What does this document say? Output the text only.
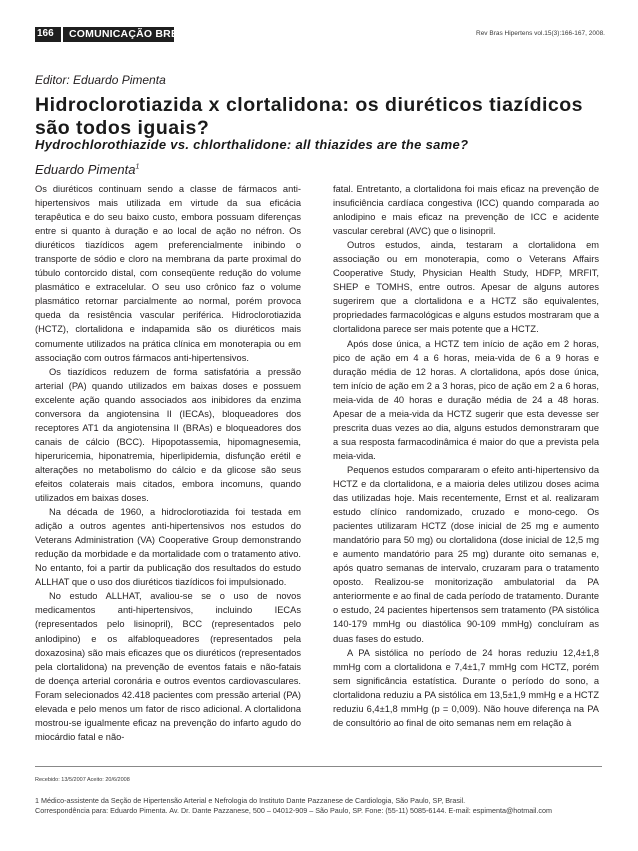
166 COMUNICAÇÃO BREVE	Rev Bras Hipertens vol.15(3):166-167, 2008.
Editor: Eduardo Pimenta
Hidroclorotiazida x clortalidona: os diuréticos tiazídicos são todos iguais?
Hydrochlorothiazide vs. chlorthalidone: all thiazides are the same?
Eduardo Pimenta$^1$

Os diuréticos continuam sendo a classe de fármacos anti-hipertensivos mais utilizada em virtude da sua eficácia terapêutica e do seu baixo custo, embora possuam diferenças entre si quanto à duração e ao local de ação no néfron. Os diuréticos tiazídicos agem preferencialmente inibindo o transporte de sódio e cloro na membrana da parte proximal do túbulo contorcido distal, com conseqüente redução do volume plasmático e extracelular. O seu uso crônico faz o volume plasmático retornar parcialmente ao normal, porém provoca queda da resistência vascular periférica. Hidroclorotiazida (HCTZ), clortalidona e indapamida são os diuréticos mais comumente utilizados na prática clínica em monoterapia ou em associação com outros fármacos anti-hipertensivos.

Os tiazídicos reduzem de forma satisfatória a pressão arterial (PA) quando utilizados em baixas doses e possuem excelente ação quando associados aos inibidores da enzima conversora da angiotensina II (IECAs), bloqueadores dos receptores AT1 da angiotensina II (BRAs) e bloqueadores dos canais de cálcio (BCC). Hipopotassemia, hipomagnesemia, hiperuricemia, hiponatremia, hiperlipidemia, disfunção erétil e alterações no metabolismo do cálcio e da glicose são seus efeitos colaterais mais citados, embora incomuns, quando utilizados em baixas doses.

Na década de 1960, a hidroclorotiazida foi testada em adição a outros agentes anti-hipertensivos nos estudos do Veterans Administration (VA) Cooperative Group demonstrando redução da morbidade e da mortalidade com o tratamento ativo. No entanto, foi a partir da publicação dos resultados do estudo ALLHAT que o uso dos diuréticos tiazídicos foi impulsionado.

No estudo ALLHAT, avaliou-se se o uso de novos medicamentos anti-hipertensivos, incluindo IECAs (representados pelo lisinopril), BCC (representados pelo anlodipino) e os alfabloqueadores (representados pela doxazosina) são mais eficazes que os diuréticos (representados pela clortalidona) na prevenção de eventos fatais e não-fatais de doença arterial coronária e outros eventos cardiovasculares. Foram selecionados 42.418 pacientes com pressão arterial (PA) elevada e pelo menos um fator de risco adicional. A clortalidona mostrou-se igualmente eficaz na prevenção do infarto agudo do miocárdio fatal e não-

fatal. Entretanto, a clortalidona foi mais eficaz na prevenção de insuficiência cardíaca congestiva (ICC) quando comparada ao anlodipino e mais eficaz na prevenção de ICC e acidente vascular cerebral (AVC) que o lisinopril.

Outros estudos, ainda, testaram a clortalidona em associação ou em monoterapia, como o Veterans Affairs Cooperative Study, Physician Health Study, HDFP, MRFIT, SHEP e TOMHS, entre outros. Apesar de alguns autores sugerirem que a clortalidona e a HCTZ são equivalentes, propriedades farmacológicas e alguns estudos mostraram que a clortalidona parece ser mais potente que a HCTZ.

Após dose única, a HCTZ tem início de ação em 2 horas, pico de ação em 4 a 6 horas, meia-vida de 6 a 9 horas e duração média de 12 horas. A clortalidona, após dose única, tem início de ação em 2 a 3 horas, pico de ação em 2 a 6 horas, meia-vida de 40 horas e duração média de 24 a 48 horas. Apesar de a meia-vida da HCTZ sugerir que esta devesse ser prescrita duas vezes ao dia, alguns estudos demonstraram que a sua resposta farmacodinâmica é maior do que a prevista pela meia-vida.

Pequenos estudos compararam o efeito anti-hipertensivo da HCTZ e da clortalidona, e a maioria deles utilizou doses acima das utilizadas hoje. Mais recentemente, Ernst et al. realizaram estudo clínico randomizado, cruzado e mono-cego. Os pacientes utilizaram HCTZ (dose inicial de 25 mg e aumento mandatório para 50 mg) ou clortalidona (dose inicial de 12,5 mg e aumento mandatório para 25 mg) durante oito semanas e, após quatro semanas de intervalo, cruzaram para o tratamento oposto. Realizou-se monitorização ambulatorial da PA anteriormente e ao final de cada período de tratamento. Durante o estudo, 24 pacientes hipertensos sem tratamento (PA sistólica 140-179 mmHg ou diastólica 90-109 mmHg) concluíram as duas fases do estudo.

A PA sistólica no período de 24 horas reduziu 12,4±1,8 mmHg com a clortalidona e 7,4±1,7 mmHg com HCTZ, porém sem significância estatística. Durante o período do sono, a clortalidona reduziu a PA sistólica em 13,5±1,9 mmHg e a HCTZ reduziu 6,4±1,8 mmHg (p = 0,009). Não houve diferença na PA de consultório ao final de oito semanas nem em relação à

Recebido: 13/5/2007 Aceito: 20/6/2008
1 Médico-assistente da Seção de Hipertensão Arterial e Nefrologia do Instituto Dante Pazzanese de Cardiologia, São Paulo, SP, Brasil.
Correspondência para: Eduardo Pimenta. Av. Dr. Dante Pazzanese, 500 – 04012-909 – São Paulo, SP. Fone: (55-11) 5085-6144. E-mail: espimenta@hotmail.com
